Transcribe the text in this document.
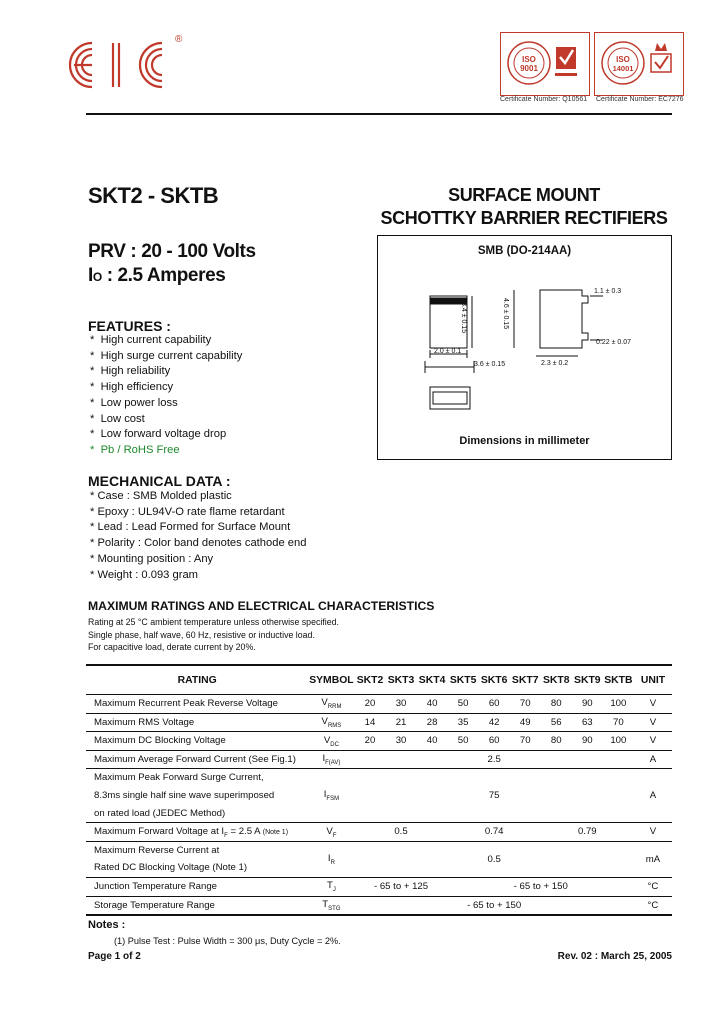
®
ISO
9001
ISO
14001
Certificate Number: Q10561 Certificate Number: EC7276
SKT2 - SKTB	SURFACE MOUNT
SCHOTTKY BARRIER RECTIFIERS
PRV : 20 - 100 Volts
IO : 2.5 Amperes
SMB (DO-214AA)
3.4 ± 0.15	4.6 ± 0.15
2.0 ± 0.1
3.6 ± 0.15	2.3 ± 0.2
1.1 ± 0.3
0.22 ± 0.07
Dimensions in millimeter
FEATURES :
*  High current capability
*  High surge current capability
*  High reliability
*  High efficiency
*  Low power loss
*  Low cost
*  Low forward voltage drop
*  Pb / RoHS Free
MECHANICAL DATA :
* Case : SMB Molded plastic
* Epoxy : UL94V-O rate flame retardant
* Lead : Lead Formed for Surface Mount
* Polarity : Color band denotes cathode end
* Mounting position : Any
* Weight : 0.093 gram
MAXIMUM RATINGS AND ELECTRICAL CHARACTERISTICS
Rating at 25 °C ambient temperature unless otherwise specified.
Single phase, half wave, 60 Hz, resistive or inductive load.
For capacitive load, derate current by 20%.
RATING	SYMBOL	SKT2	SKT3	SKT4	SKT5	SKT6	SKT7	SKT8	SKT9	SKTB	UNIT
Maximum Recurrent Peak Reverse Voltage	$V_{RRM}$	20	30	40	50	60	70	80	90	100	V
Maximum RMS Voltage	$V_{RMS}$	14	21	28	35	42	49	56	63	70	V
Maximum DC Blocking Voltage	$V_{DC}$	20	30	40	50	60	70	80	90	100	V
Maximum Average Forward Current (See Fig.1)	$I_{F(AV)}$	2.5									A

Maximum Peak Forward Surge Current,
8.3ms single half sine wave superimposed
on rated load (JEDEC Method)	$I_{FSM}$	75									A
Maximum Forward Voltage at $I_F = 2.5$ A (Note 1)	$V_F$	0.5			0.74			0.79			V

Maximum Reverse Current at
Rated DC Blocking Voltage (Note 1)	$I_R$	0.5									mA
Junction Temperature Range	$T_J$	- 65 to + 125			- 65 to + 150						°C
Storage Temperature Range	$T_{STG}$	- 65 to + 150									°C
Notes :
(1) Pulse Test : Pulse Width = 300 μs, Duty Cycle = 2%.
Page 1 of 2	Rev. 02 : March 25, 2005
